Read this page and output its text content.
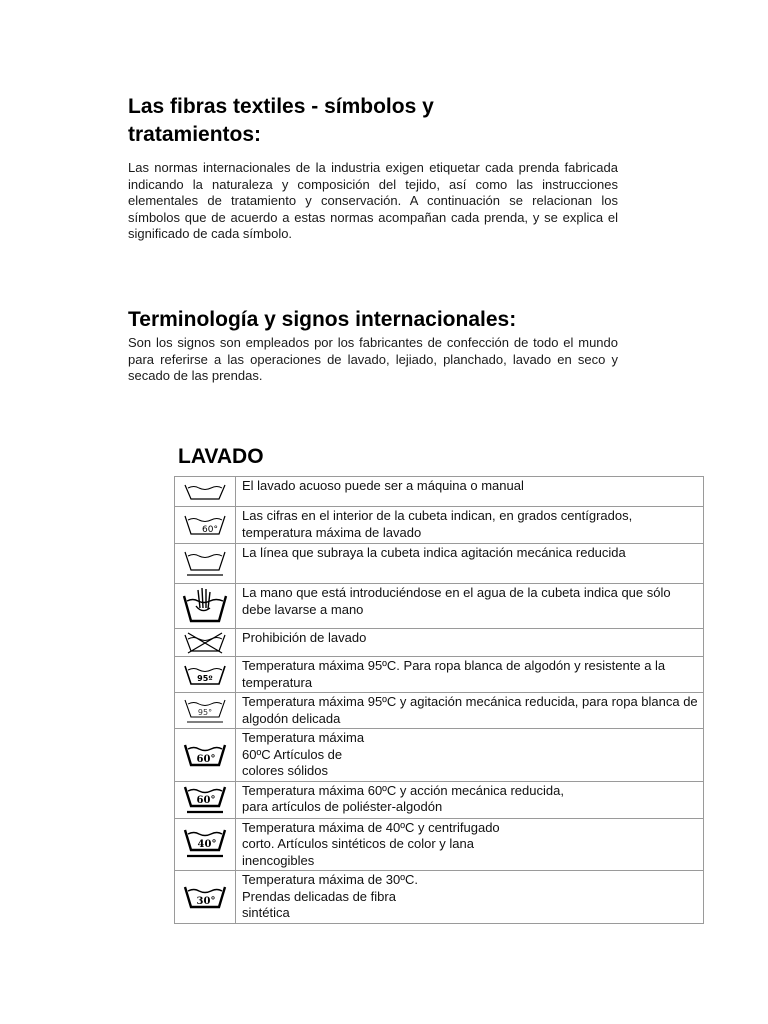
Las fibras textiles - símbolos y tratamientos:

Las normas internacionales de la industria exigen etiquetar cada prenda fabricada indicando la naturaleza y composición del tejido, así como las instrucciones elementales de tratamiento y conservación. A continuación se relacionan los símbolos que de acuerdo a estas normas acompañan cada prenda, y se explica el significado de cada símbolo.

Terminología y signos internacionales:

Son los signos son empleados por los fabricantes de confección de todo el mundo para referirse a las operaciones de lavado, lejiado, planchado, lavado en seco y secado de las prendas.

LAVADO
	El lavado acuoso puede ser a máquina o manual

60°	Las cifras en el interior de la cubeta indican, en grados centígrados, temperatura máxima de lavado

	La línea que subraya la cubeta indica agitación mecánica reducida

	La mano que está introduciéndose en el agua de la cubeta indica que sólo debe lavarse a mano

	Prohibición de lavado

95º	Temperatura máxima 95ºC. Para ropa blanca de algodón y resistente a la temperatura

95°	Temperatura máxima 95ºC y agitación mecánica reducida, para ropa blanca de algodón delicada

60°	Temperatura máxima
60ºC Artículos de
colores sólidos

60°	Temperatura máxima 60ºC y acción mecánica reducida,
para artículos de poliéster-algodón

40°	Temperatura máxima de 40ºC y centrifugado
corto. Artículos sintéticos de color y lana
inencogibles

30°	Temperatura máxima de 30ºC.
Prendas delicadas de fibra
sintética
